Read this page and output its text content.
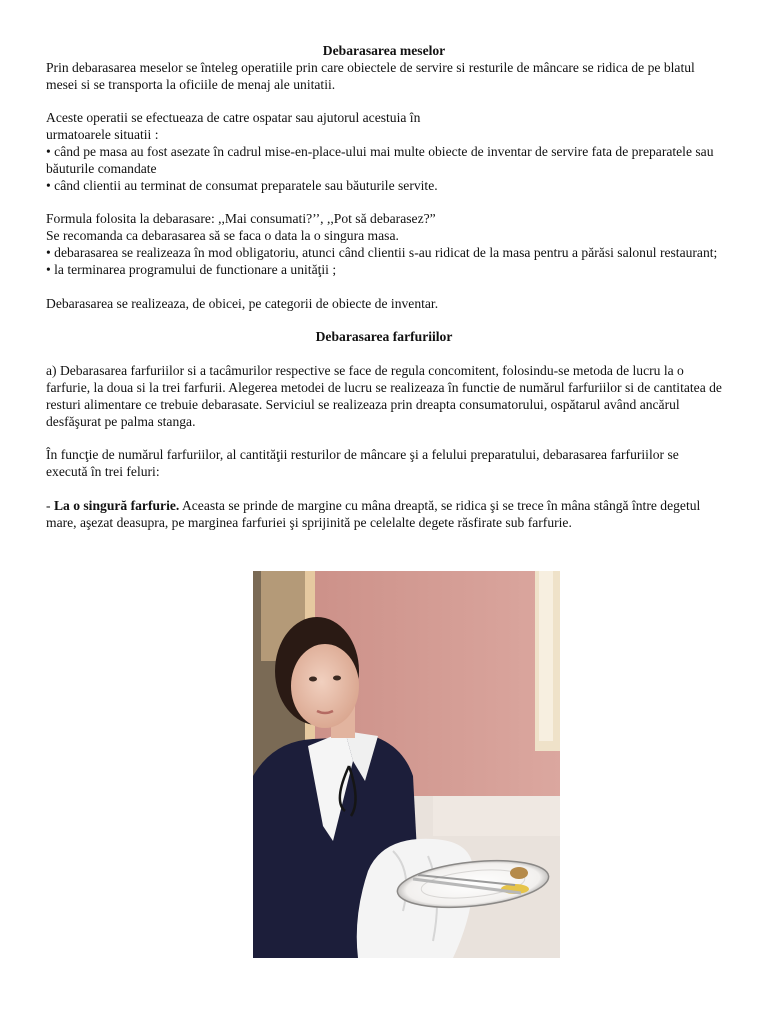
Debarasarea meselor

Prin debarasarea meselor se înteleg operatiile prin care obiectele de servire si resturile de mâncare se ridica de pe blatul mesei si se transporta la oficiile de menaj ale unitatii.

Aceste operatii se efectueaza de catre ospatar sau ajutorul acestuia în

urmatoarele situatii :

• când pe masa au fost asezate în cadrul mise-en-place-ului mai multe obiecte de inventar de servire fata de preparatele sau băuturile comandate

• când clientii au terminat de consumat preparatele sau băuturile servite.

Formula folosita la debarasare: ,,Mai consumati?’’, ,,Pot să debarasez?”

Se recomanda ca debarasarea să se faca o data la o singura masa.

• debarasarea se realizeaza în mod obligatoriu, atunci când clientii s-au ridicat de la masa pentru a părăsi salonul restaurant;

• la terminarea programului de functionare a unităţii ;

Debarasarea se realizeaza, de obicei, pe categorii de obiecte de inventar.

Debarasarea farfuriilor

a) Debarasarea farfuriilor si a tacâmurilor respective se face de regula concomitent, folosindu-se metoda de lucru la o farfurie, la doua si la trei farfurii. Alegerea metodei de lucru se realizeaza în functie de numărul farfuriilor si de cantitatea de resturi alimentare ce trebuie debarasate. Serviciul se realizeaza prin dreapta consumatorului, ospătarul având ancărul desfăşurat pe palma stanga.

În funcţie de numărul farfuriilor, al cantităţii resturilor de mâncare şi a felului preparatului, debarasarea farfuriilor se execută în trei feluri:

- La o singură farfurie. Aceasta se prinde de margine cu mâna dreaptă, se ridica şi se trece în mâna stângă între degetul mare, aşezat deasupra, pe marginea farfuriei şi sprijinită pe celelalte degete răsfirate sub farfurie.
